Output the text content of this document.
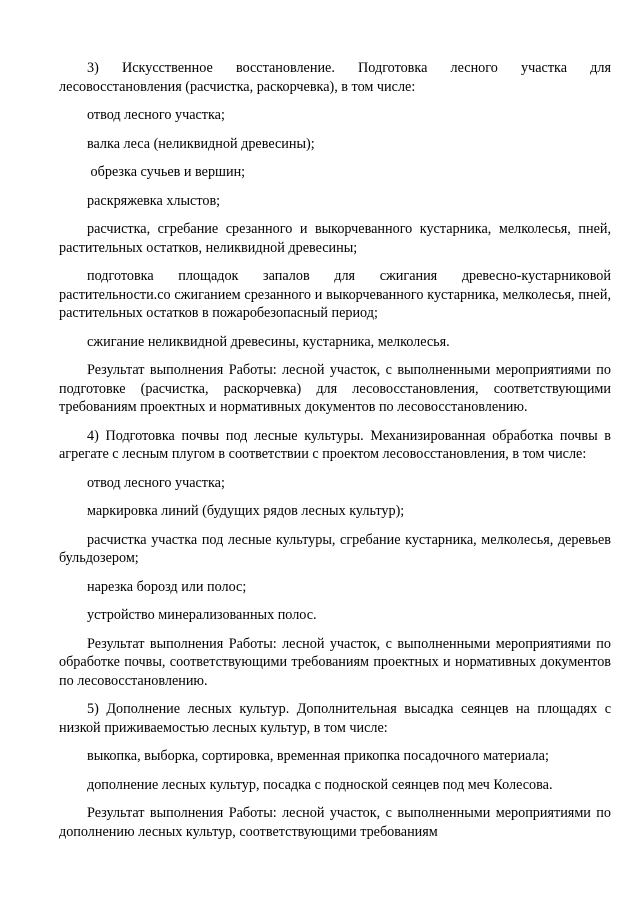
3) Искусственное восстановление. Подготовка лесного участка для лесовосстановления (расчистка, раскорчевка), в том числе:

отвод лесного участка;

валка леса (неликвидной древесины);

обрезка сучьев и вершин;

раскряжевка хлыстов;

расчистка, сгребание срезанного и выкорчеванного кустарника, мелколесья, пней, растительных остатков, неликвидной древесины;

подготовка площадок запалов для сжигания древесно-кустарниковой растительности.со сжиганием срезанного и выкорчеванного кустарника, мелколесья, пней, растительных остатков в пожаробезопасный период;

сжигание неликвидной древесины, кустарника, мелколесья.

Результат выполнения Работы: лесной участок, с выполненными мероприятиями по подготовке (расчистка, раскорчевка) для лесовосстановления, соответствующими требованиям проектных и нормативных документов по лесовосстановлению.

4) Подготовка почвы под лесные культуры. Механизированная обработка почвы в агрегате с лесным плугом в соответствии с проектом лесовосстановления, в том числе:

отвод лесного участка;

маркировка линий (будущих рядов лесных культур);

расчистка участка под лесные культуры, сгребание кустарника, мелколесья, деревьев бульдозером;

нарезка борозд или полос;

устройство минерализованных полос.

Результат выполнения Работы: лесной участок, с выполненными мероприятиями по обработке почвы, соответствующими требованиям проектных и нормативных документов по лесовосстановлению.

5) Дополнение лесных культур. Дополнительная высадка сеянцев на площадях с низкой приживаемостью лесных культур, в том числе:

выкопка, выборка, сортировка, временная прикопка посадочного материала;

дополнение лесных культур, посадка с подноской сеянцев под меч Колесова.

Результат выполнения Работы: лесной участок, с выполненными мероприятиями по дополнению лесных культур, соответствующими требованиям
